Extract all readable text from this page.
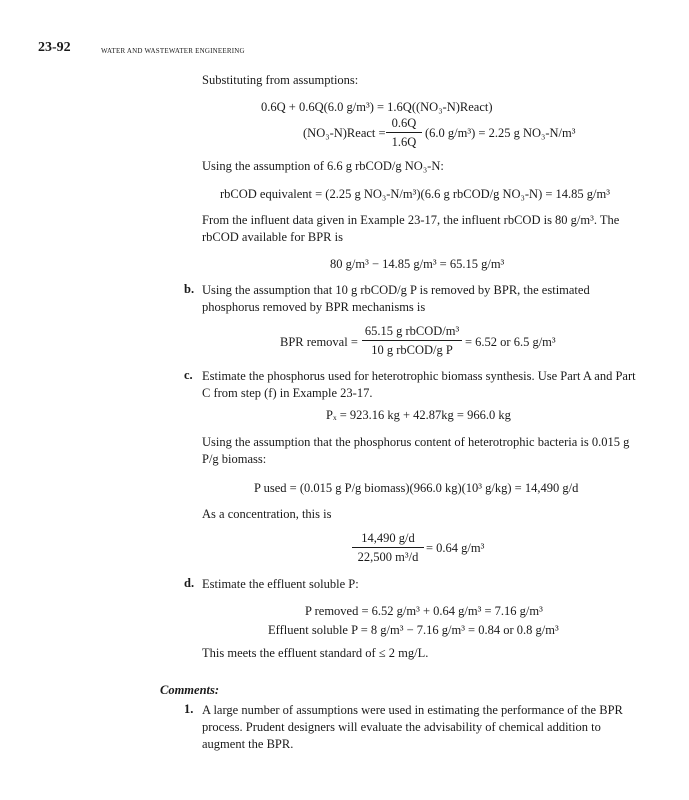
23-92	WATER AND WASTEWATER ENGINEERING
Substituting from assumptions:
0.6Q + 0.6Q(6.0 g/m³) = 1.6Q((NO₃-N)React)
(NO₃-N)React = $\frac{0.6Q}{1.6Q} (6.0$ g/m³) = 2.25 g NO₃-N/m³
Using the assumption of 6.6 g rbCOD/g NO₃-N:
rbCOD equivalent = (2.25 g NO₃-N/m³)(6.6 g rbCOD/g NO₃-N) = 14.85 g/m³
From the influent data given in Example 23-17, the influent rbCOD is 80 g/m³. The rbCOD available for BPR is
80 g/m³ − 14.85 g/m³ = 65.15 g/m³
b. Using the assumption that 10 g rbCOD/g P is removed by BPR, the estimated phosphorus removed by BPR mechanisms is
BPR removal =
65.15 g rbCOD/m³
10 g rbCOD/g P
= 6.52 or 6.5 g/m³
c. Estimate the phosphorus used for heterotrophic biomass synthesis. Use Part A and Part C from step (f) in Example 23-17.
Pₓ = 923.16 kg + 42.87kg = 966.0 kg
Using the assumption that the phosphorus content of heterotrophic bacteria is 0.015 g P/g biomass:
P used = (0.015 g P/g biomass)(966.0 kg)(10³ g/kg) = 14,490 g/d
As a concentration, this is
$\frac{14,490 g/d}{\text{22,500 m³/d}} = 0.64$ g/m³
d. Estimate the effluent soluble P:
P removed = 6.52 g/m³ + 0.64 g/m³ = 7.16 g/m³
Effluent soluble P = 8 g/m³ − 7.16 g/m³ = 0.84 or 0.8 g/m³
This meets the effluent standard of ≤ 2 mg/L.
Comments:
1. A large number of assumptions were used in estimating the performance of the BPR process. Prudent designers will evaluate the advisability of chemical addition to augment the BPR.
